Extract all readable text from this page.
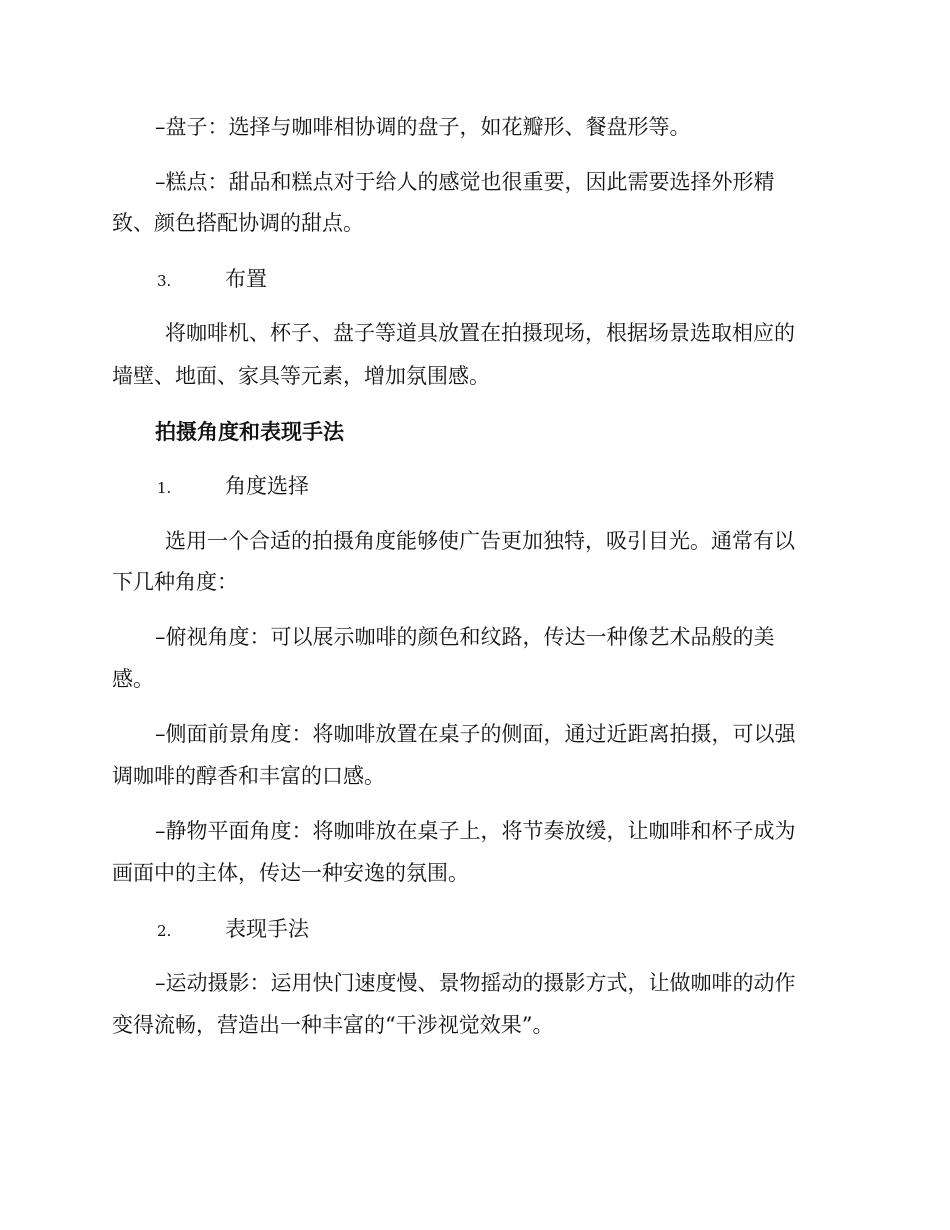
–盘子：选择与咖啡相协调的盘子，如花瓣形、餐盘形等。
–糕点：甜品和糕点对于给人的感觉也很重要，因此需要选择外形精
致、颜色搭配协调的甜点。
3.	布置
将咖啡机、杯子、盘子等道具放置在拍摄现场，根据场景选取相应的
墙壁、地面、家具等元素，增加氛围感。
拍摄角度和表现手法
1.	角度选择
选用一个合适的拍摄角度能够使广告更加独特，吸引目光。通常有以
下几种角度：
–俯视角度：可以展示咖啡的颜色和纹路，传达一种像艺术品般的美
感。
–侧面前景角度：将咖啡放置在桌子的侧面，通过近距离拍摄，可以强
调咖啡的醇香和丰富的口感。
–静物平面角度：将咖啡放在桌子上，将节奏放缓，让咖啡和杯子成为
画面中的主体，传达一种安逸的氛围。
2.	表现手法
–运动摄影：运用快门速度慢、景物摇动的摄影方式，让做咖啡的动作
变得流畅，营造出一种丰富的“干涉视觉效果”。
